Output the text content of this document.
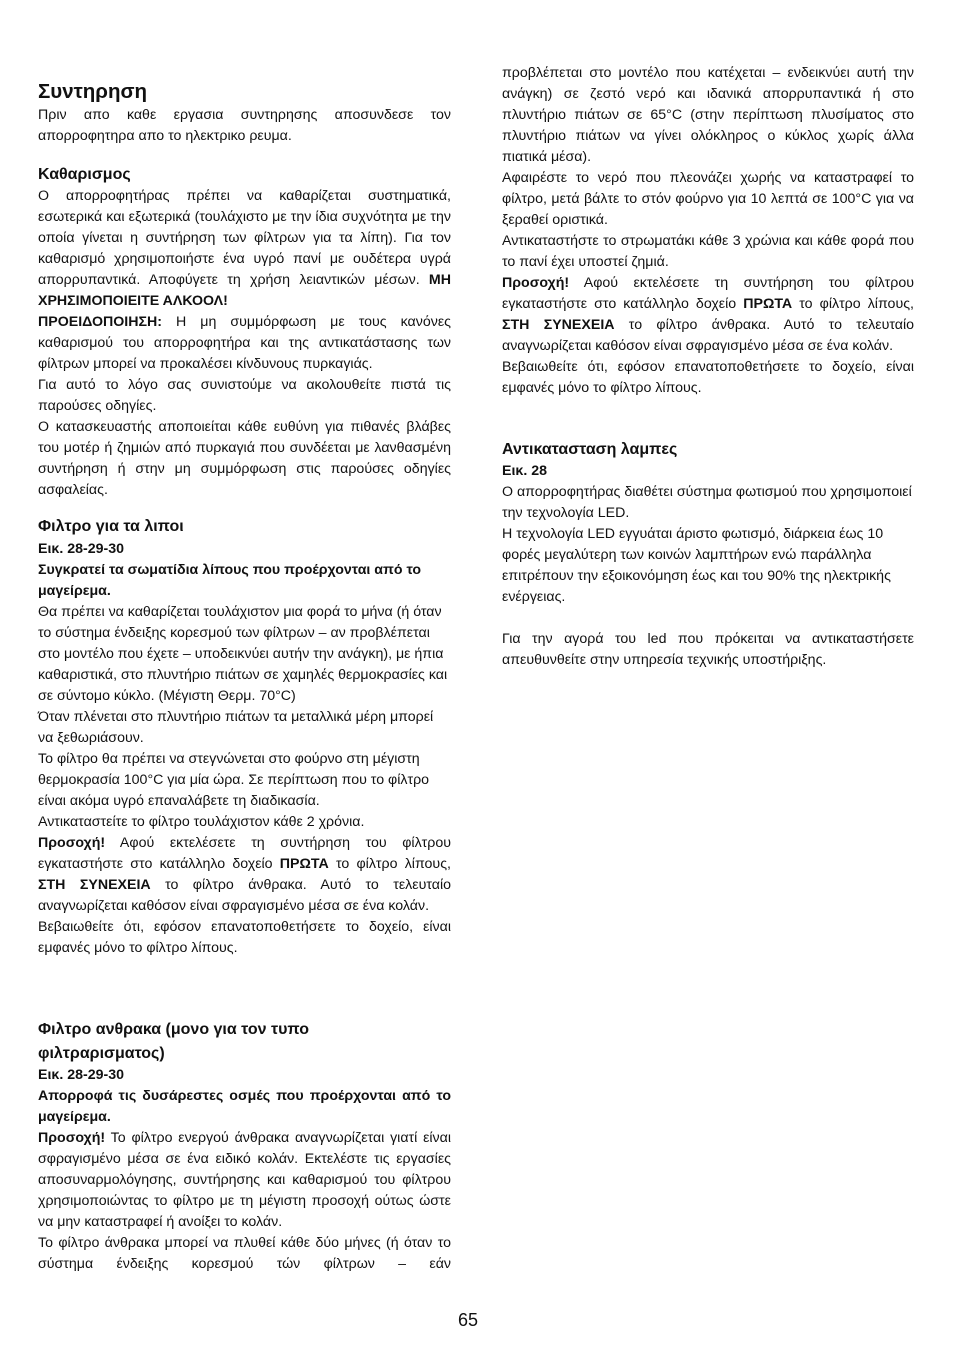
Συντηρηση

Πριν απο καθε εργασια συντηρησης αποσυνδεσε τον απορροφητηρα απο το ηλεκτρικο ρευμα.

Καθαρισμος

Ο απορροφητήρας πρέπει να καθαρίζεται συστηματικά, εσωτερικά και εξωτερικά (τουλάχιστο με την ίδια συχνότητα με την οποία γίνεται η συντήρηση των φίλτρων για τα λίπη). Για τον καθαρισμό χρησιμοποιήστε ένα υγρό πανί με ουδέτερα υγρά απορρυπαντικά. Αποφύγετε τη χρήση λειαντικών μέσων. ΜΗ ΧΡΗΣΙΜΟΠΟΙΕΙΤΕ ΑΛΚΟΟΛ!

ΠΡΟΕΙΔΟΠΟΙΗΣΗ: Η μη συμμόρφωση με τους κανόνες καθαρισμού του απορροφητήρα και της αντικατάστασης των φίλτρων μπορεί να προκαλέσει κίνδυνους πυρκαγιάς.

Για αυτό το λόγο σας συνιστούμε να ακολουθείτε πιστά τις παρούσες οδηγίες.

Ο κατασκευαστής αποποιείται κάθε ευθύνη για πιθανές βλάβες του μοτέρ ή ζημιών από πυρκαγιά που συνδέεται με λανθασμένη συντήρηση ή στην μη συμμόρφωση στις παρούσες οδηγίες ασφαλείας.

Φιλτρο για τα λιποι

Εικ. 28-29-30

Συγκρατεί τα σωματίδια λίπους που προέρχονται από το μαγείρεμα.

Θα πρέπει να καθαρίζεται τουλάχιστον μια φορά το μήνα (ή όταν το σύστημα ένδειξης κορεσμού των φίλτρων – αν προβλέπεται στο μοντέλο που έχετε – υποδεικνύει αυτήν την ανάγκη), με ήπια καθαριστικά, στο πλυντήριο πιάτων σε χαμηλές θερμοκρασίες και σε σύντομο κύκλο. (Μέγιστη Θερμ. 70°C)

Όταν πλένεται στο πλυντήριο πιάτων τα μεταλλικά μέρη μπορεί να ξεθωριάσουν.

Το φίλτρο θα πρέπει να στεγνώνεται στο φούρνο στη μέγιστη θερμοκρασία 100°C για μία ώρα. Σε περίπτωση που το φίλτρο είναι ακόμα υγρό επαναλάβετε τη διαδικασία.

Αντικαταστείτε το φίλτρο τουλάχιστον κάθε 2 χρόνια.

Προσοχή! Αφού εκτελέσετε τη συντήρηση του φίλτρου εγκαταστήστε στο κατάλληλο δοχείο ΠΡΩΤΑ το φίλτρο λίπους, ΣΤΗ ΣΥΝΕΧΕΙΑ το φίλτρο άνθρακα. Αυτό το τελευταίο αναγνωρίζεται καθόσον είναι σφραγισμένο μέσα σε ένα κολάν.

Βεβαιωθείτε ότι, εφόσον επανατοποθετήσετε το δοχείο, είναι εμφανές μόνο το φίλτρο λίπους.

Φιλτρο ανθρακα (μονο για τον τυπο φιλτραρισματος)

Εικ. 28-29-30

Απορροφά τις δυσάρεστες οσμές που προέρχονται από το μαγείρεμα.

Προσοχή! Το φίλτρο ενεργού άνθρακα αναγνωρίζεται γιατί είναι σφραγισμένο μέσα σε ένα ειδικό κολάν. Εκτελέστε τις εργασίες αποσυναρμολόγησης, συντήρησης και καθαρισμού του φίλτρου χρησιμοποιώντας το φίλτρο με τη μέγιστη προσοχή ούτως ώστε να μην καταστραφεί ή ανοίξει το κολάν.

Το φίλτρο άνθρακα μπορεί να πλυθεί κάθε δύο μήνες (ή όταν το σύστημα ένδειξης κορεσμού τών φίλτρων – εάν

προβλέπεται στο μοντέλο που κατέχεται – ενδεικνύει αυτή την ανάγκη) σε ζεστό νερό και ιδανικά απορρυπαντικά ή στο πλυντήριο πιάτων σε 65°C (στην περίπτωση πλυσίματος στο πλυντήριο πιάτων να γίνει ολόκληρος ο κύκλος χωρίς άλλα πιατικά μέσα).

Αφαιρέστε το νερό που πλεονάζει χωρής να καταστραφεί το φίλτρο, μετά βάλτε το στόν φούρνο για 10 λεπτά σε 100°C για να ξεραθεί οριστικά.

Αντικαταστήστε το στρωματάκι κάθε 3 χρώνια και κάθε φορά που το πανί έχει υποστεί ζημιά.

Προσοχή! Αφού εκτελέσετε τη συντήρηση του φίλτρου εγκαταστήστε στο κατάλληλο δοχείο ΠΡΩΤΑ το φίλτρο λίπους, ΣΤΗ ΣΥΝΕΧΕΙΑ το φίλτρο άνθρακα. Αυτό το τελευταίο αναγνωρίζεται καθόσον είναι σφραγισμένο μέσα σε ένα κολάν.

Βεβαιωθείτε ότι, εφόσον επανατοποθετήσετε το δοχείο, είναι εμφανές μόνο το φίλτρο λίπους.

Αντικατασταση λαμπες

Εικ. 28

Ο απορροφητήρας διαθέτει σύστημα φωτισμού που χρησιμοποιεί την τεχνολογία LED.

Η τεχνολογία LED εγγυάται άριστο φωτισμό, διάρκεια έως 10 φορές μεγαλύτερη των κοινών λαμπτήρων ενώ παράλληλα επιτρέπουν την εξοικονόμηση έως και του 90% της ηλεκτρικής ενέργειας.

Για την αγορά του led που πρόκειται να αντικαταστήσετε απευθυνθείτε στην υπηρεσία τεχνικής υποστήριξης.

65
